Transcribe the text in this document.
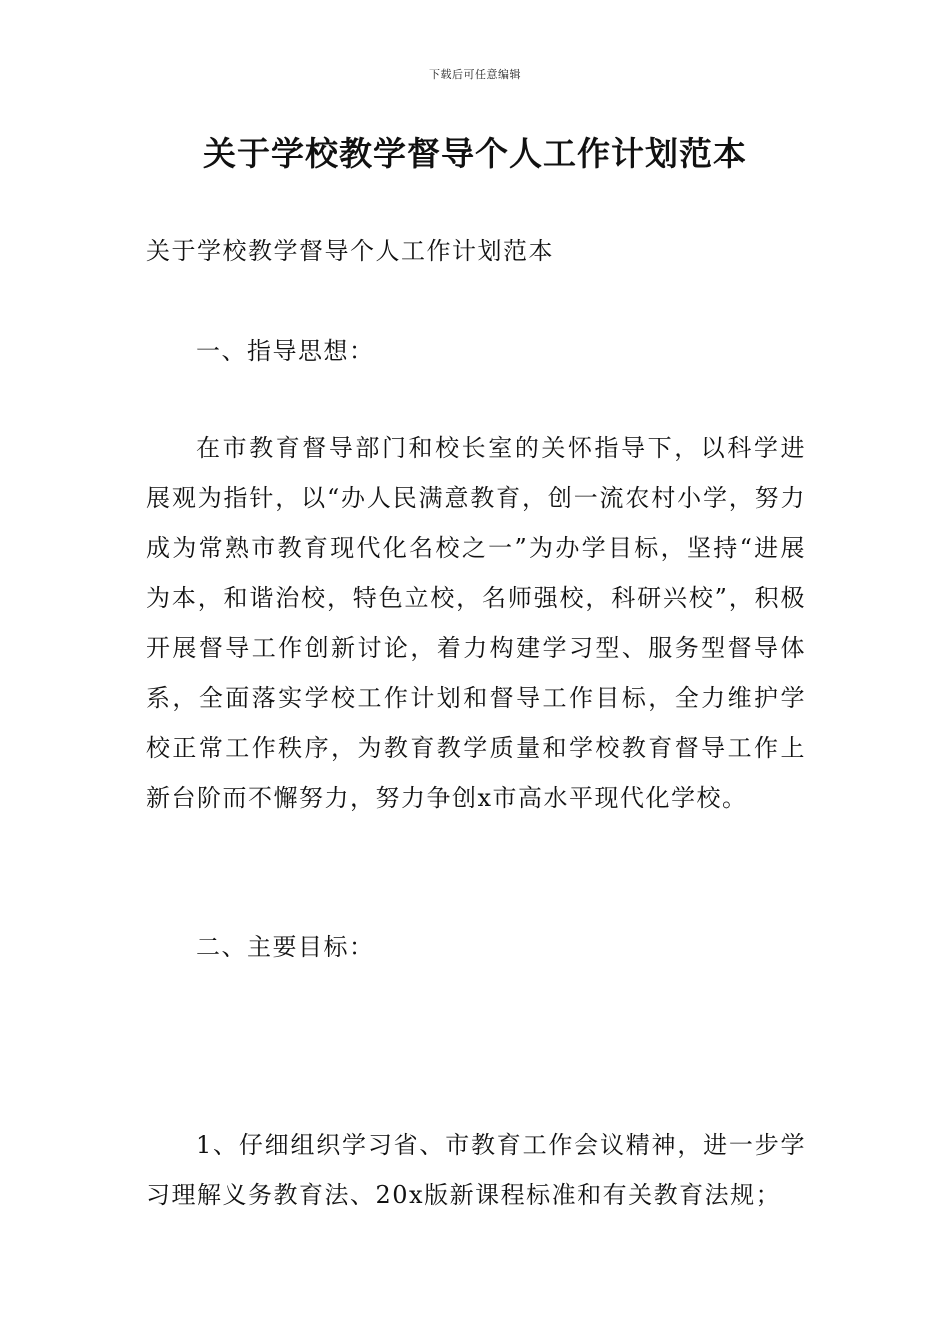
下载后可任意编辑
关于学校教学督导个人工作计划范本

关于学校教学督导个人工作计划范本

一、指导思想：

在市教育督导部门和校长室的关怀指导下，以科学进展观为指针，以“办人民满意教育，创一流农村小学，努力成为常熟市教育现代化名校之一”为办学目标，坚持“进展为本，和谐治校，特色立校，名师强校，科研兴校”，积极开展督导工作创新讨论，着力构建学习型、服务型督导体系，全面落实学校工作计划和督导工作目标，全力维护学校正常工作秩序，为教育教学质量和学校教育督导工作上新台阶而不懈努力，努力争创x市高水平现代化学校。

二、主要目标：

1、仔细组织学习省、市教育工作会议精神，进一步学习理解义务教育法、20x版新课程标准和有关教育法规；
